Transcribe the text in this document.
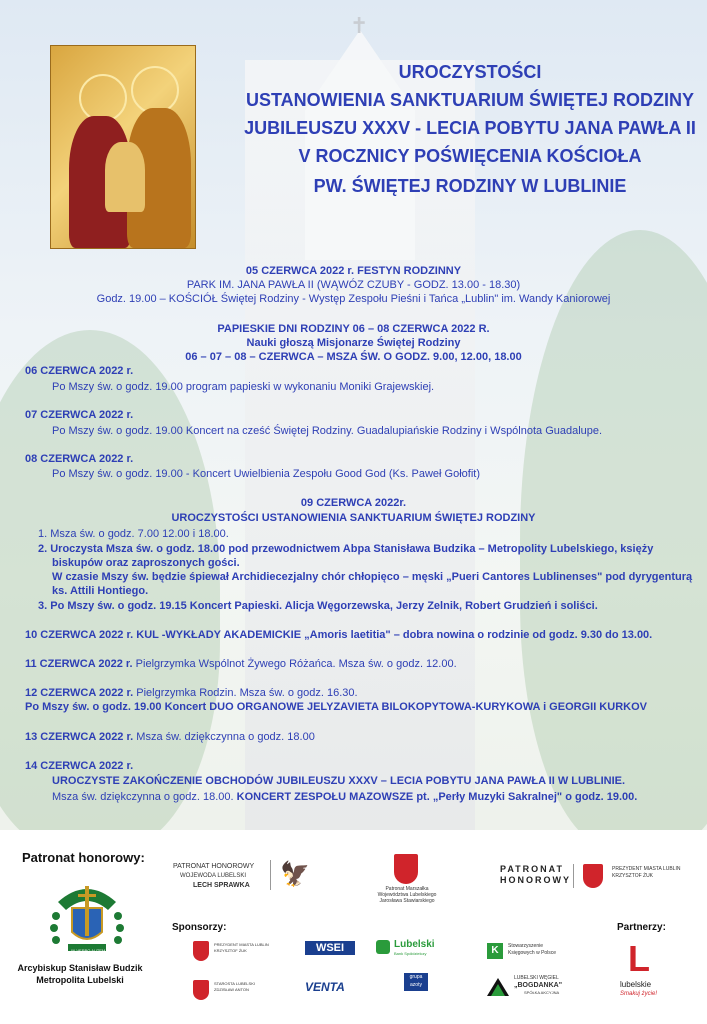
✝
UROCZYSTOŚCI
USTANOWIENIA SANKTUARIUM ŚWIĘTEJ RODZINY
JUBILEUSZU XXXV - LECIA POBYTU JANA PAWŁA II
V ROCZNICY POŚWIĘCENIA KOŚCIOŁA
PW. ŚWIĘTEJ RODZINY W LUBLINIE
05 CZERWCA 2022 r. FESTYN RODZINNY
PARK IM. JANA PAWŁA II (WĄWÓZ CZUBY - GODZ. 13.00 - 18.30)
Godz. 19.00 – KOŚCIÓŁ Świętej Rodziny - Występ Zespołu Pieśni i Tańca „Lublin" im. Wandy Kaniorowej
PAPIESKIE DNI RODZINY 06 – 08 CZERWCA 2022 R.
Nauki głoszą Misjonarze Świętej Rodziny
06 – 07 – 08 – CZERWCA – MSZA ŚW. O GODZ. 9.00, 12.00, 18.00
06 CZERWCA 2022 r.
Po Mszy św. o godz. 19.00 program papieski w wykonaniu Moniki Grajewskiej.
07 CZERWCA 2022 r.
Po Mszy św. o godz. 19.00 Koncert na cześć Świętej Rodziny. Guadalupiańskie Rodziny i Wspólnota Guadalupe.
08 CZERWCA 2022 r.
Po Mszy św. o godz. 19.00 - Koncert Uwielbienia Zespołu Good God (Ks. Paweł Gołofit)
09 CZERWCA 2022r.
UROCZYSTOŚCI USTANOWIENIA SANKTUARIUM ŚWIĘTEJ RODZINY
1. Msza św. o godz. 7.00 12.00 i 18.00.
2. Uroczysta Msza św. o godz. 18.00 pod przewodnictwem Abpa Stanisława Budzika – Metropolity Lubelskiego, księży
biskupów oraz zaproszonych gości.
W czasie Mszy św. będzie śpiewał Archidiecezjalny chór chłopięco – męski „Pueri Cantores Lublinenses" pod dyrygenturą
ks. Attili Hontiego.
3. Po Mszy św. o godz. 19.15 Koncert Papieski. Alicja Węgorzewska, Jerzy Zelnik, Robert Grudzień i soliści.
10 CZERWCA 2022 r. KUL -WYKŁADY AKADEMICKIE „Amoris laetitia" – dobra nowina o rodzinie od godz. 9.30 do 13.00.
11 CZERWCA 2022 r. Pielgrzymka Wspólnot Żywego Różańca. Msza św. o godz. 12.00.
12 CZERWCA 2022 r. Pielgrzymka Rodzin. Msza św. o godz. 16.30.
Po Mszy św. o godz. 19.00 Koncert DUO ORGANOWE JELYZAVIETA BILOKOPYTOWA-KURYKOWA i GEORGII KURKOV
13 CZERWCA 2022 r. Msza św. dziękczynna o godz. 18.00
14 CZERWCA 2022 r.
UROCZYSTE ZAKOŃCZENIE OBCHODÓW JUBILEUSZU XXXV – LECIA POBYTU JANA PAWŁA II W LUBLINIE.
Msza św. dziękczynna o godz. 18.00. KONCERT ZESPOŁU MAZOWSZE pt. „Perły Muzyki Sakralnej" o godz. 19.00.
Patronat honorowy:
IN VERBO AUTEM TUO
Arcybiskup Stanisław Budzik
Metropolita Lubelski
PATRONAT HONOROWY
WOJEWODA LUBELSKI
LECH SPRAWKA 🦅
Patronat Marszałka
Województwa Lubelskiego
Jarosława Stawiarskiego
PATRONAT
HONOROWY
PREZYDENT MIASTA LUBLIN
KRZYSZTOF ŻUK
Sponsorzy:	Partnerzy:
PREZYDENT MIASTA LUBLIN
KRZYSZTOF ŻUK	WSEI	Lubelski
Bank Spółdzielczy	K	Stowarzyszenie
Księgowych w Polsce L
lubelskie
Smakuj życie!
STAROSTA LUBELSKI
ZDZISŁAW ANTON	VENTA
grupa
azoty
LUBELSKI WĘGIEL
„BOGDANKA"
SPÓŁKA AKCYJNA
